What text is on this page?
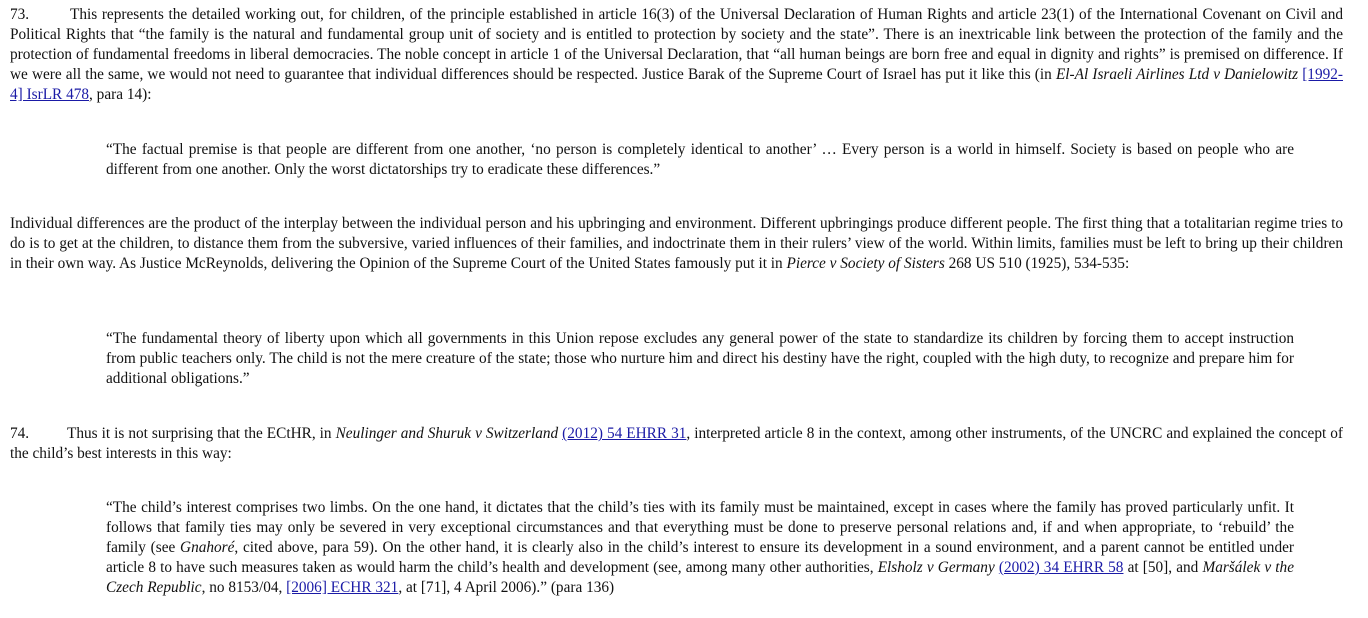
73.	This represents the detailed working out, for children, of the principle established in article 16(3) of the Universal Declaration of Human Rights and article 23(1) of the International Covenant on Civil and Political Rights that “the family is the natural and fundamental group unit of society and is entitled to protection by society and the state”. There is an inextricable link between the protection of the family and the protection of fundamental freedoms in liberal democracies. The noble concept in article 1 of the Universal Declaration, that “all human beings are born free and equal in dignity and rights” is premised on difference. If we were all the same, we would not need to guarantee that individual differences should be respected. Justice Barak of the Supreme Court of Israel has put it like this (in El-Al Israeli Airlines Ltd v Danielowitz [1992-4] IsrLR 478, para 14):

“The factual premise is that people are different from one another, ‘no person is completely identical to another’ … Every person is a world in himself. Society is based on people who are different from one another. Only the worst dictatorships try to eradicate these differences.”

Individual differences are the product of the interplay between the individual person and his upbringing and environment. Different upbringings produce different people. The first thing that a totalitarian regime tries to do is to get at the children, to distance them from the subversive, varied influences of their families, and indoctrinate them in their rulers’ view of the world. Within limits, families must be left to bring up their children in their own way. As Justice McReynolds, delivering the Opinion of the Supreme Court of the United States famously put it in Pierce v Society of Sisters 268 US 510 (1925), 534-535:

“The fundamental theory of liberty upon which all governments in this Union repose excludes any general power of the state to standardize its children by forcing them to accept instruction from public teachers only. The child is not the mere creature of the state; those who nurture him and direct his destiny have the right, coupled with the high duty, to recognize and prepare him for additional obligations.”

74. Thus it is not surprising that the ECtHR, in Neulinger and Shuruk v Switzerland (2012) 54 EHRR 31, interpreted article 8 in the context, among other instruments, of the UNCRC and explained the concept of the child’s best interests in this way:

“The child’s interest comprises two limbs. On the one hand, it dictates that the child’s ties with its family must be maintained, except in cases where the family has proved particularly unfit. It follows that family ties may only be severed in very exceptional circumstances and that everything must be done to preserve personal relations and, if and when appropriate, to ‘rebuild’ the family (see Gnahoré, cited above, para 59). On the other hand, it is clearly also in the child’s interest to ensure its development in a sound environment, and a parent cannot be entitled under article 8 to have such measures taken as would harm the child’s health and development (see, among many other authorities, Elsholz v Germany (2002) 34 EHRR 58 at [50], and Maršálek v the Czech Republic, no 8153/04, [2006] ECHR 321, at [71], 4 April 2006).” (para 136)
